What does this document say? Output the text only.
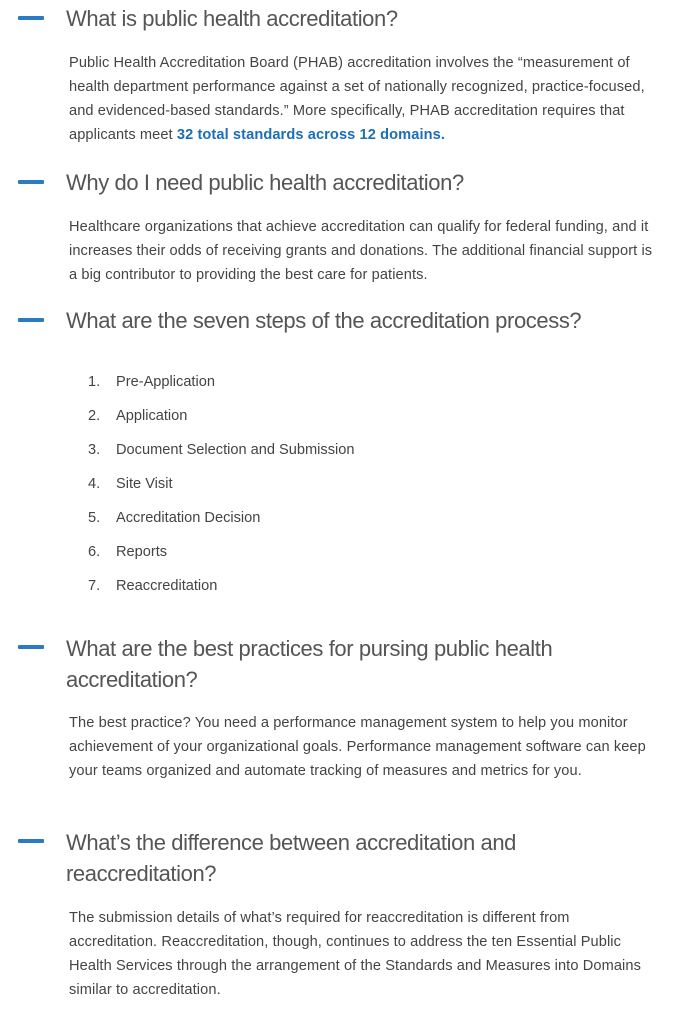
What is public health accreditation?

Public Health Accreditation Board (PHAB) accreditation involves the “measurement of health department performance against a set of nationally recognized, practice-focused, and evidenced-based standards.” More specifically, PHAB accreditation requires that applicants meet 32 total standards across 12 domains.

Why do I need public health accreditation?

Healthcare organizations that achieve accreditation can qualify for federal funding, and it increases their odds of receiving grants and donations. The additional financial support is a big contributor to providing the best care for patients.

What are the seven steps of the accreditation process?
1.	Pre-Application
2.	Application
3.	Document Selection and Submission
4.	Site Visit
5.	Accreditation Decision
6.	Reports
7.	Reaccreditation
What are the best practices for pursing public health accreditation?

The best practice? You need a performance management system to help you monitor achievement of your organizational goals. Performance management software can keep your teams organized and automate tracking of measures and metrics for you.

What’s the difference between accreditation and reaccreditation?

The submission details of what’s required for reaccreditation is different from accreditation. Reaccreditation, though, continues to address the ten Essential Public Health Services through the arrangement of the Standards and Measures into Domains similar to accreditation.
